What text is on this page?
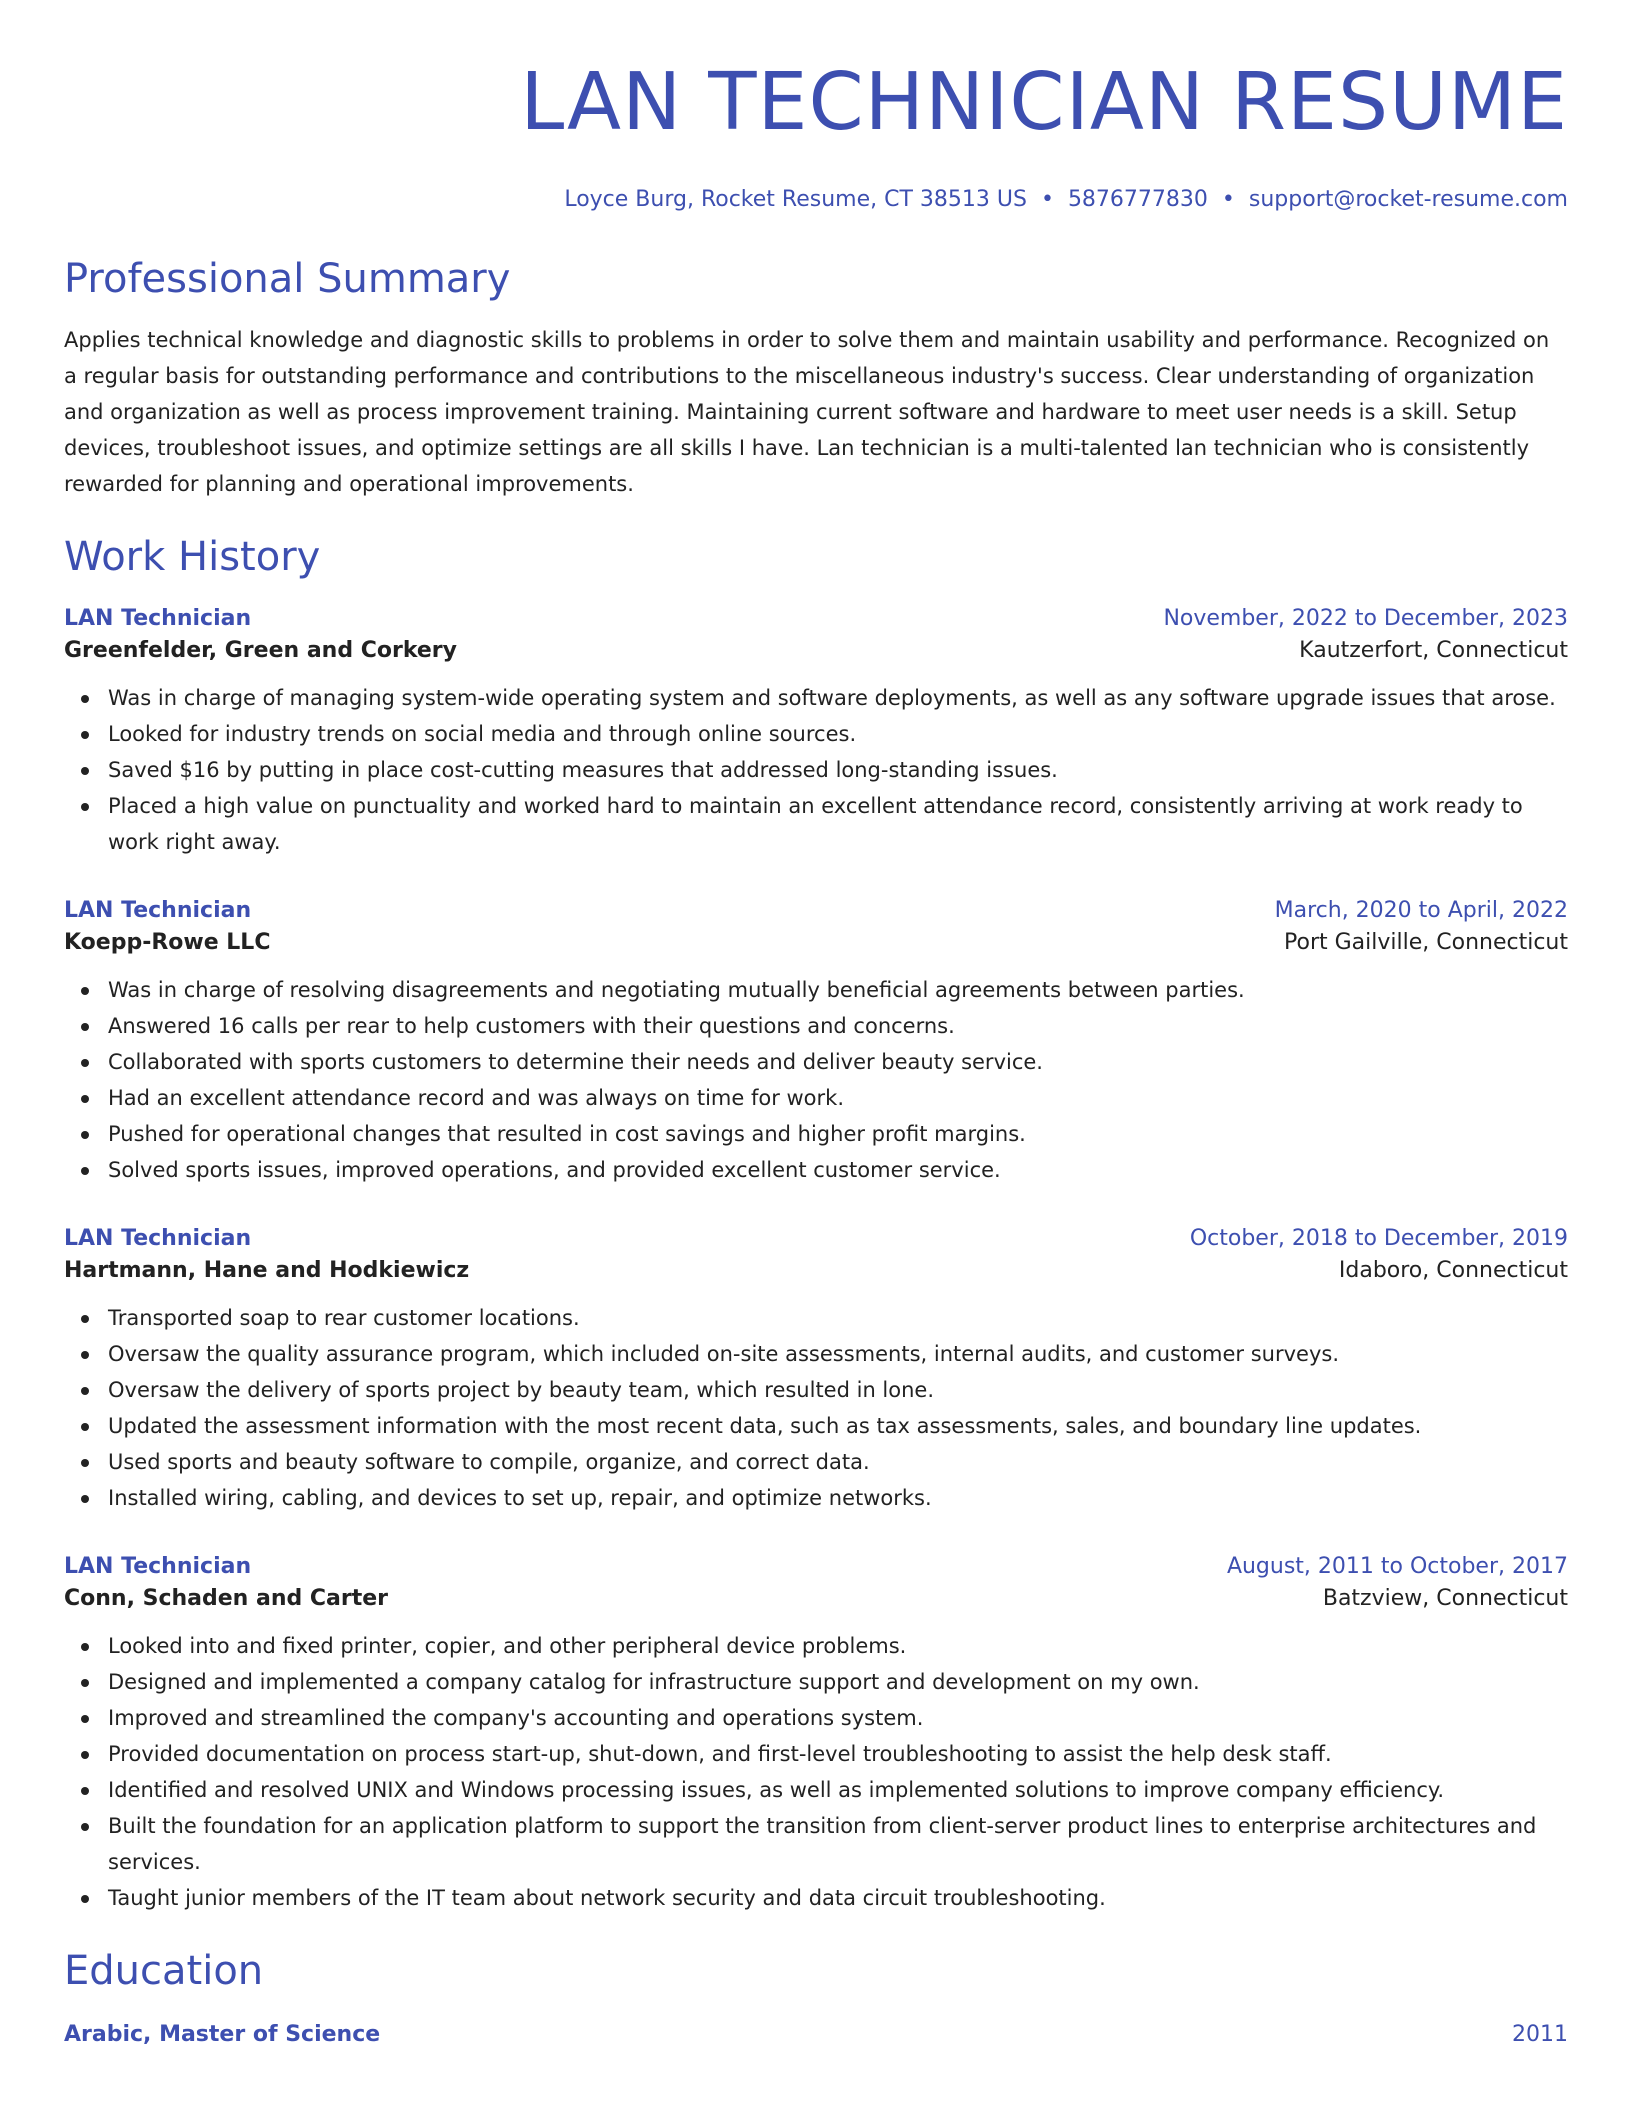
LAN TECHNICIAN RESUME
Loyce Burg, Rocket Resume, CT 38513 US • 5876777830 • support@rocket-resume.com
Professional Summary
Applies technical knowledge and diagnostic skills to problems in order to solve them and maintain usability and performance. Recognized on a regular basis for outstanding performance and contributions to the miscellaneous industry's success. Clear understanding of organization and organization as well as process improvement training. Maintaining current software and hardware to meet user needs is a skill. Setup devices, troubleshoot issues, and optimize settings are all skills I have. Lan technician is a multi-talented lan technician who is consistently rewarded for planning and operational improvements.
Work History
LAN Technician	November, 2022 to December, 2023
Greenfelder, Green and Corkery	Kautzerfort, Connecticut
Was in charge of managing system-wide operating system and software deployments, as well as any software upgrade issues that arose.
Looked for industry trends on social media and through online sources.
Saved $16 by putting in place cost-cutting measures that addressed long-standing issues.
Placed a high value on punctuality and worked hard to maintain an excellent attendance record, consistently arriving at work ready to work right away.
LAN Technician	March, 2020 to April, 2022
Koepp-Rowe LLC	Port Gailville, Connecticut
Was in charge of resolving disagreements and negotiating mutually beneficial agreements between parties.
Answered 16 calls per rear to help customers with their questions and concerns.
Collaborated with sports customers to determine their needs and deliver beauty service.
Had an excellent attendance record and was always on time for work.
Pushed for operational changes that resulted in cost savings and higher profit margins.
Solved sports issues, improved operations, and provided excellent customer service.
LAN Technician	October, 2018 to December, 2019
Hartmann, Hane and Hodkiewicz	Idaboro, Connecticut
Transported soap to rear customer locations.
Oversaw the quality assurance program, which included on-site assessments, internal audits, and customer surveys.
Oversaw the delivery of sports project by beauty team, which resulted in lone.
Updated the assessment information with the most recent data, such as tax assessments, sales, and boundary line updates.
Used sports and beauty software to compile, organize, and correct data.
Installed wiring, cabling, and devices to set up, repair, and optimize networks.
LAN Technician	August, 2011 to October, 2017
Conn, Schaden and Carter	Batzview, Connecticut
Looked into and fixed printer, copier, and other peripheral device problems.
Designed and implemented a company catalog for infrastructure support and development on my own.
Improved and streamlined the company's accounting and operations system.
Provided documentation on process start-up, shut-down, and first-level troubleshooting to assist the help desk staff.
Identified and resolved UNIX and Windows processing issues, as well as implemented solutions to improve company efficiency.
Built the foundation for an application platform to support the transition from client-server product lines to enterprise architectures and services.
Taught junior members of the IT team about network security and data circuit troubleshooting.
Education
Arabic, Master of Science	2011
